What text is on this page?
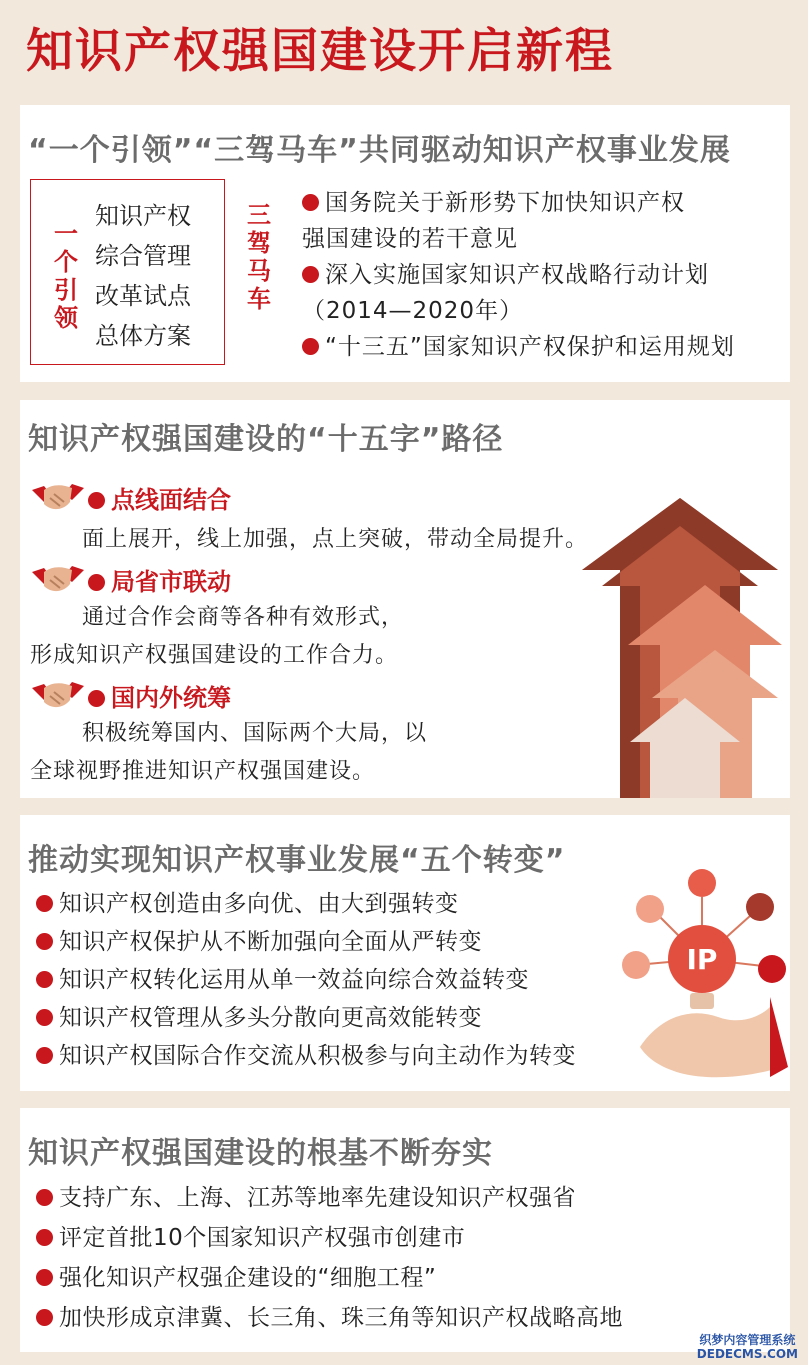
知识产权强国建设开启新程
“一个引领”“三驾马车”共同驱动知识产权事业发展
一
个
引
领
知识产权
综合管理
改革试点
总体方案
三
驾
马
车
国务院关于新形势下加快知识产权
强国建设的若干意见
深入实施国家知识产权战略行动计划
（2014—2020年）
“十三五”国家知识产权保护和运用规划
知识产权强国建设的“十五字”路径
点线面结合
面上展开，线上加强，点上突破，带动全局提升。
局省市联动
通过合作会商等各种有效形式，
形成知识产权强国建设的工作合力。
国内外统筹
积极统筹国内、国际两个大局，以
全球视野推进知识产权强国建设。
推动实现知识产权事业发展“五个转变”
知识产权创造由多向优、由大到强转变
知识产权保护从不断加强向全面从严转变
知识产权转化运用从单一效益向综合效益转变
知识产权管理从多头分散向更高效能转变
知识产权国际合作交流从积极参与向主动作为转变
IP
知识产权强国建设的根基不断夯实
支持广东、上海、江苏等地率先建设知识产权强省
评定首批10个国家知识产权强市创建市
强化知识产权强企建设的“细胞工程”
加快形成京津冀、长三角、珠三角等知识产权战略高地
织梦内容管理系统
DEDECMS.COM
